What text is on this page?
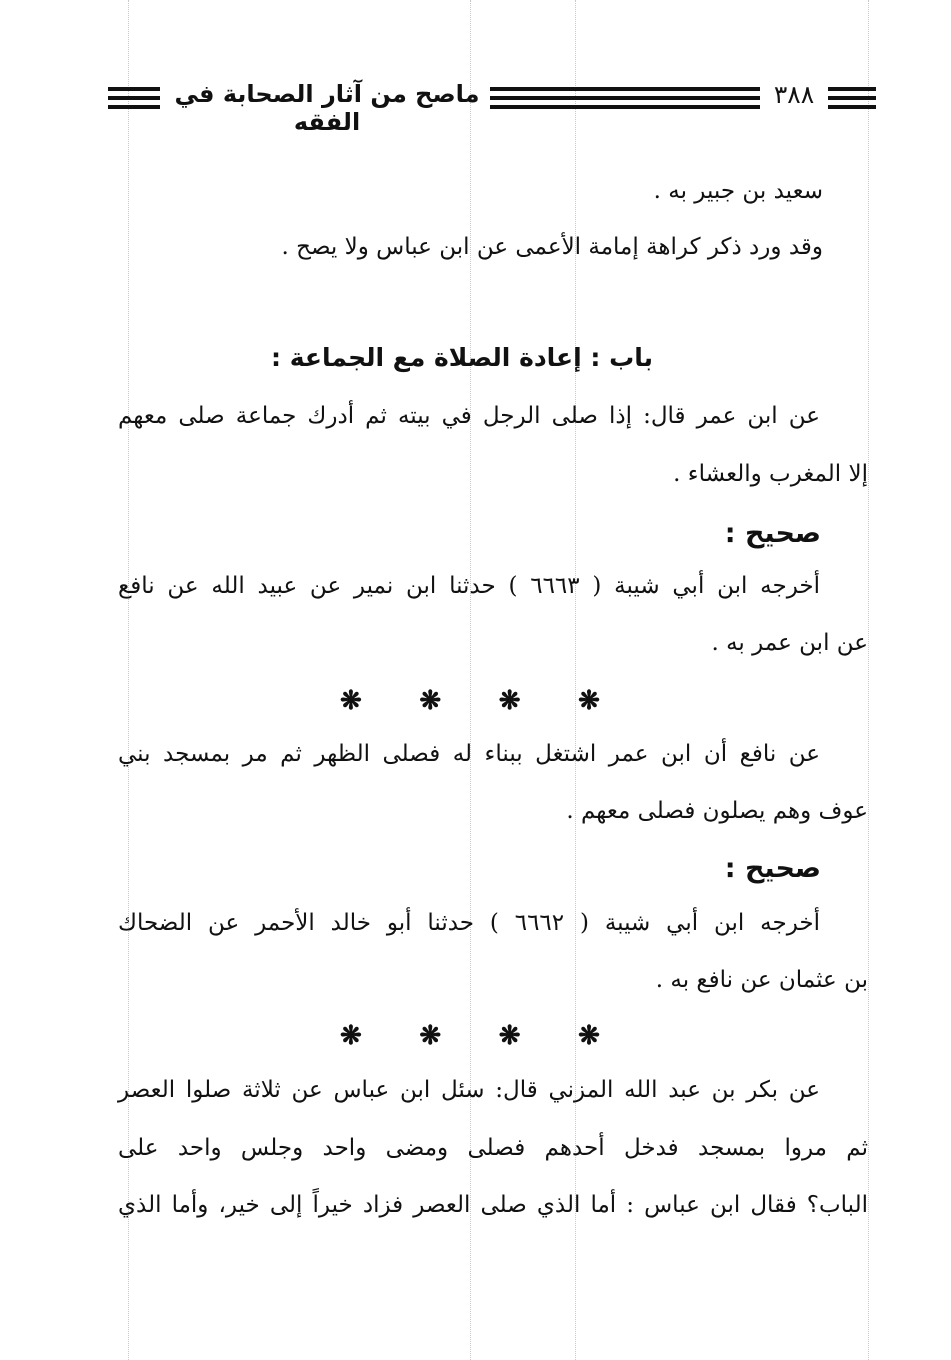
ماصح من آثار الصحابة في الفقه
٣٨٨
سعيد بن جبير به .
وقد ورد ذكر كراهة إمامة الأعمى عن ابن عباس ولا يصح .
باب : إعادة الصلاة مع الجماعة :
عن ابن عمر قال: إذا صلى الرجل في بيته ثم أدرك جماعة صلى معهم
إلا المغرب والعشاء .
صحيح :
أخرجه ابن أبي شيبة ( ٦٦٦٣ ) حدثنا ابن نمير عن عبيد الله عن نافع
عن ابن عمر به .
❋ ❋ ❋ ❋
عن نافع أن ابن عمر اشتغل ببناء له فصلى الظهر ثم مر بمسجد بني
عوف وهم يصلون فصلى معهم .
صحيح :
أخرجه ابن أبي شيبة ( ٦٦٦٢ ) حدثنا أبو خالد الأحمر عن الضحاك
بن عثمان عن نافع به .
❋ ❋ ❋ ❋
عن بكر بن عبد الله المزني قال: سئل ابن عباس عن ثلاثة صلوا العصر
ثم مروا بمسجد فدخل أحدهم فصلى ومضى واحد وجلس واحد على
الباب؟ فقال ابن عباس : أما الذي صلى العصر فزاد خيراً إلى خير، وأما الذي
